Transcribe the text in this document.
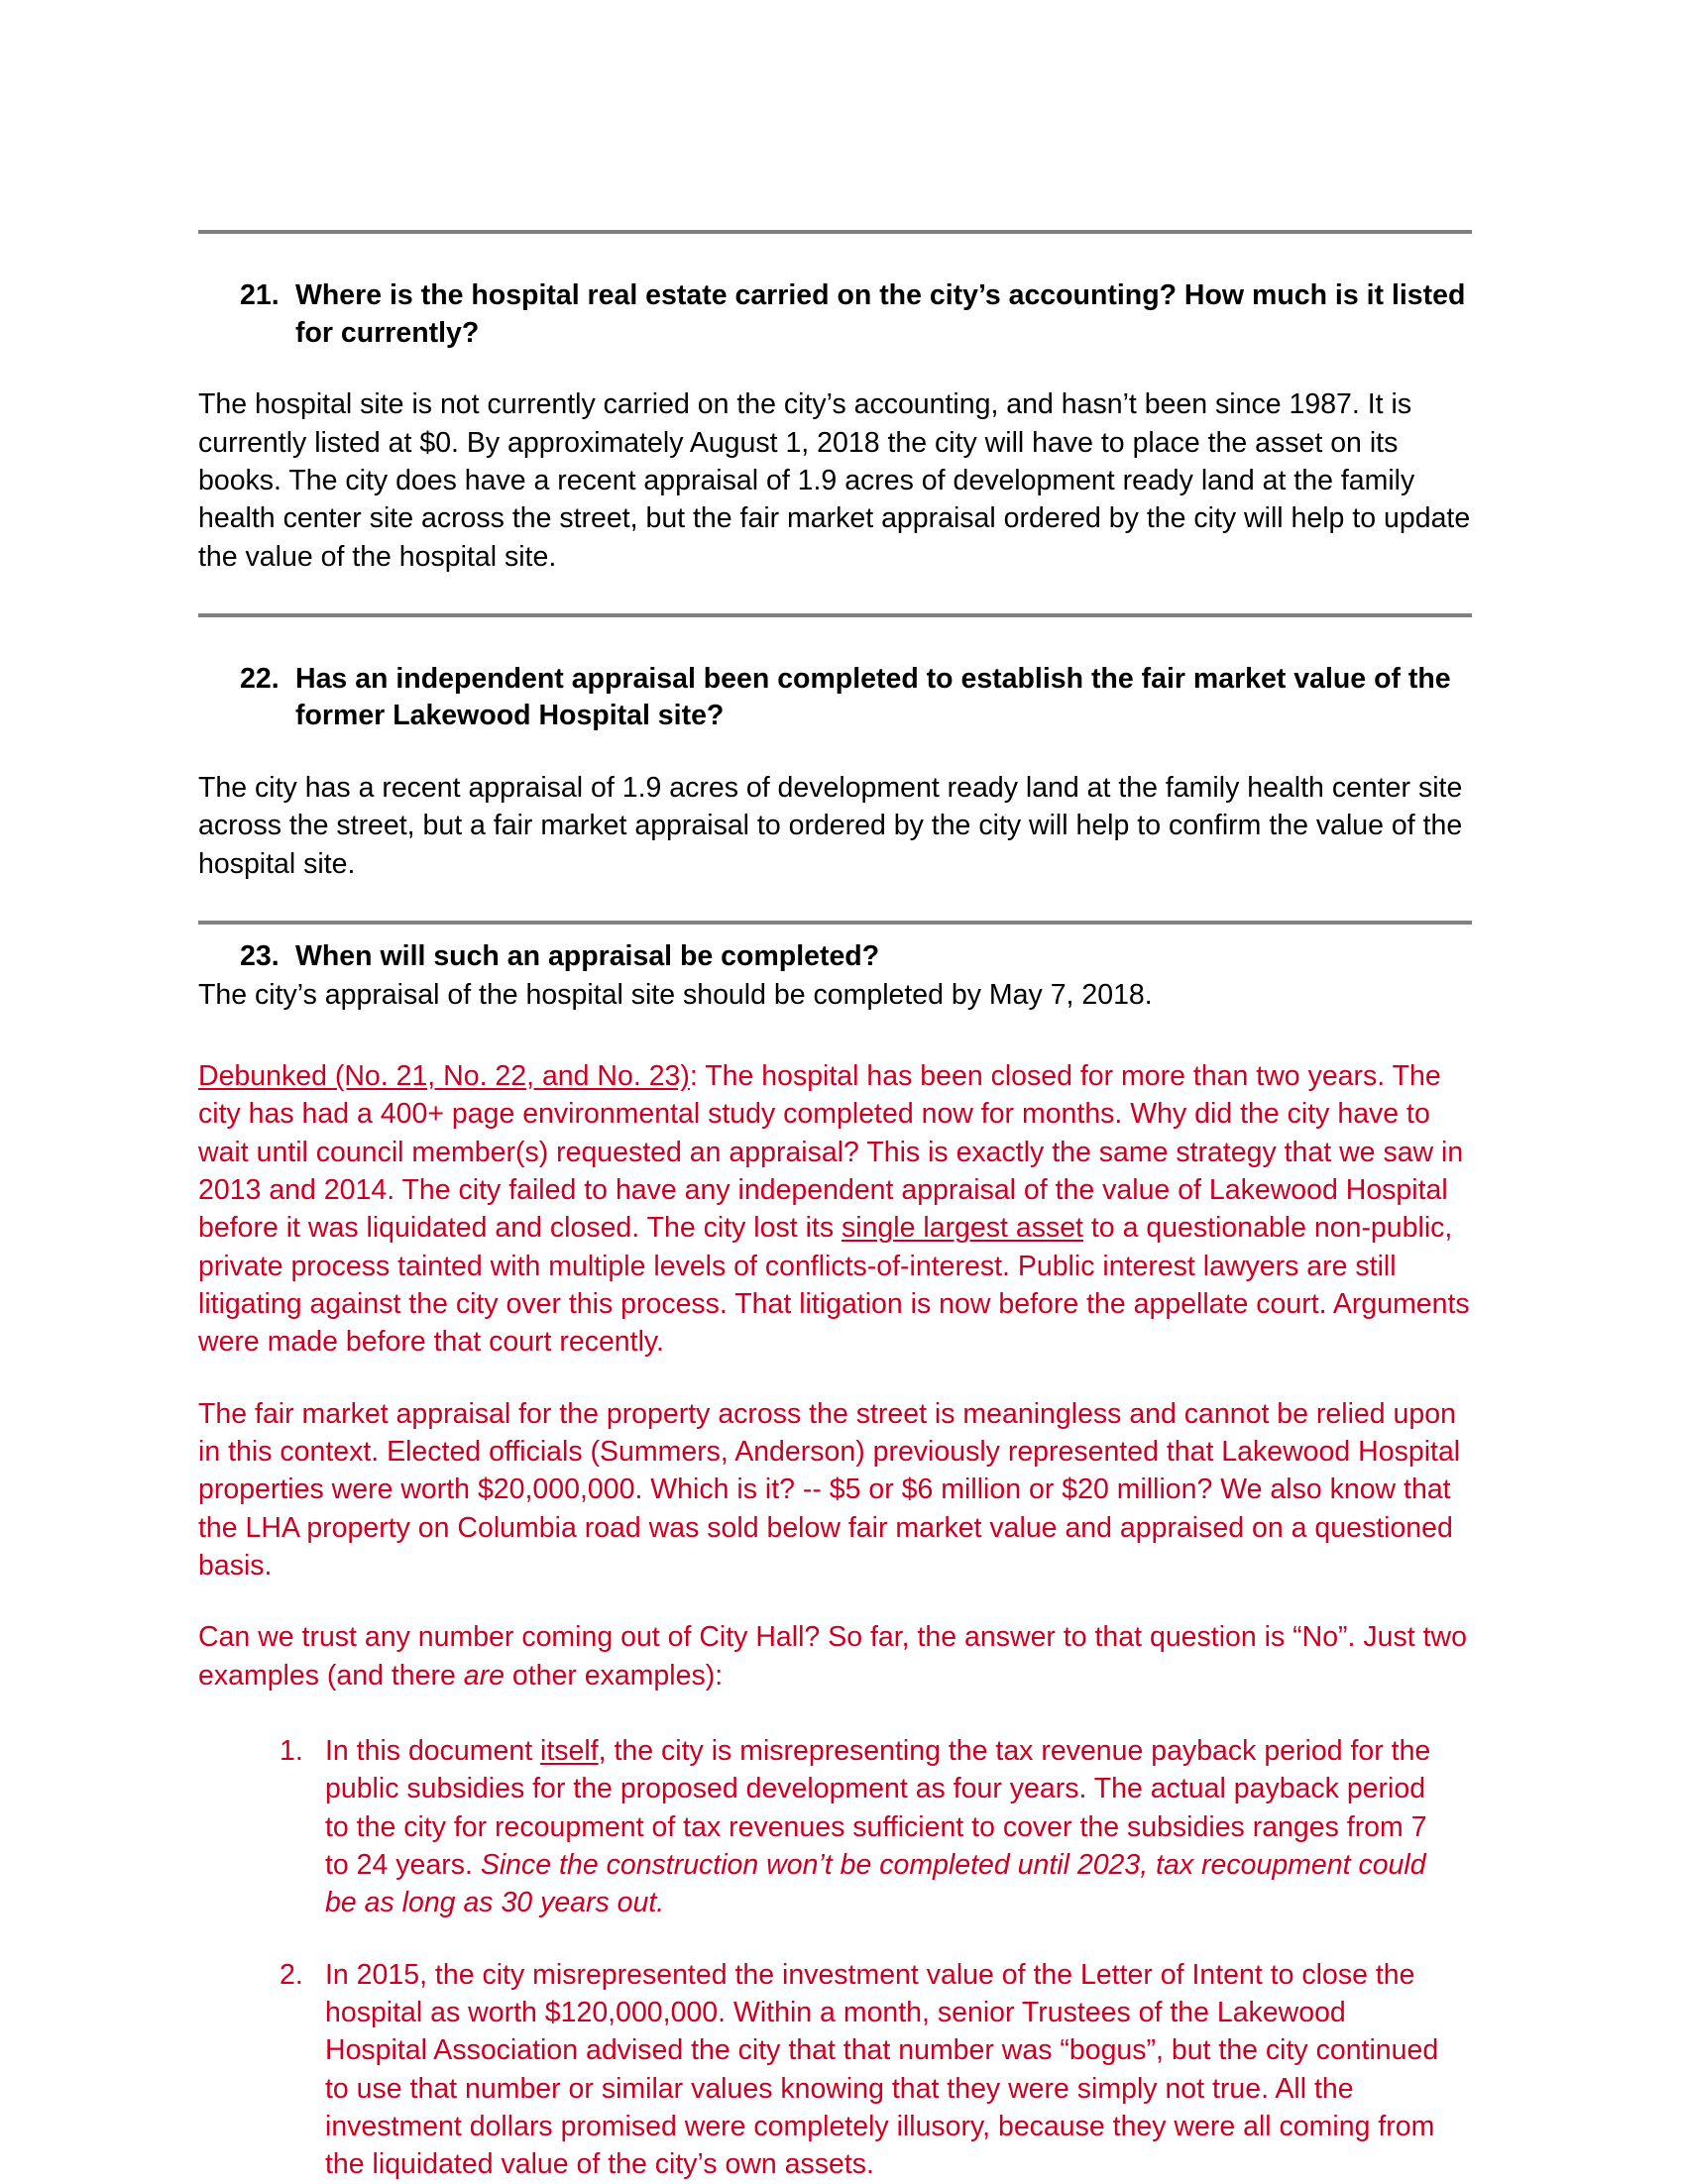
21. Where is the hospital real estate carried on the city’s accounting? How much is it listed for currently?

The hospital site is not currently carried on the city’s accounting, and hasn’t been since 1987. It is currently listed at $0. By approximately August 1, 2018 the city will have to place the asset on its books. The city does have a recent appraisal of 1.9 acres of development ready land at the family health center site across the street, but the fair market appraisal ordered by the city will help to update the value of the hospital site.

22. Has an independent appraisal been completed to establish the fair market value of the former Lakewood Hospital site?

The city has a recent appraisal of 1.9 acres of development ready land at the family health center site across the street, but a fair market appraisal to ordered by the city will help to confirm the value of the hospital site.

23. When will such an appraisal be completed?

The city’s appraisal of the hospital site should be completed by May 7, 2018.

Debunked (No. 21, No. 22, and No. 23): The hospital has been closed for more than two years. The city has had a 400+ page environmental study completed now for months. Why did the city have to wait until council member(s) requested an appraisal? This is exactly the same strategy that we saw in 2013 and 2014. The city failed to have any independent appraisal of the value of Lakewood Hospital before it was liquidated and closed. The city lost its single largest asset to a questionable non-public, private process tainted with multiple levels of conflicts-of-interest. Public interest lawyers are still litigating against the city over this process. That litigation is now before the appellate court. Arguments were made before that court recently.

The fair market appraisal for the property across the street is meaningless and cannot be relied upon in this context. Elected officials (Summers, Anderson) previously represented that Lakewood Hospital properties were worth $20,000,000. Which is it? -- $5 or $6 million or $20 million? We also know that the LHA property on Columbia road was sold below fair market value and appraised on a questioned basis.

Can we trust any number coming out of City Hall? So far, the answer to that question is “No”. Just two examples (and there are other examples):

1. In this document itself, the city is misrepresenting the tax revenue payback period for the public subsidies for the proposed development as four years. The actual payback period to the city for recoupment of tax revenues sufficient to cover the subsidies ranges from 7 to 24 years. Since the construction won’t be completed until 2023, tax recoupment could be as long as 30 years out.
2. In 2015, the city misrepresented the investment value of the Letter of Intent to close the hospital as worth $120,000,000. Within a month, senior Trustees of the Lakewood Hospital Association advised the city that that number was “bogus”, but the city continued to use that number or similar values knowing that they were simply not true. All the investment dollars promised were completely illusory, because they were all coming from the liquidated value of the city’s own assets.
